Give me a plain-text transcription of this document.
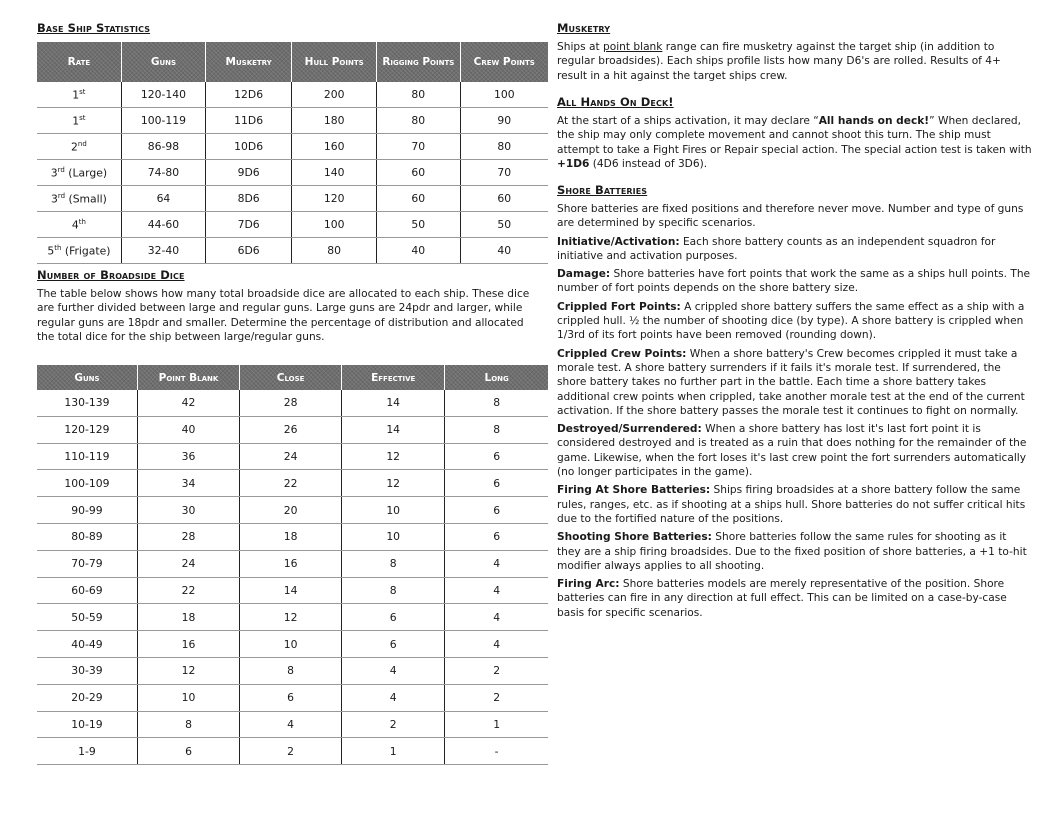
Base Ship Statistics
Rate	Guns	Musketry	Hull Points	Rigging Points	Crew Points
1st	120-140	12D6	200	80	100
1st	100-119	11D6	180	80	90
2nd	86-98	10D6	160	70	80
3rd (Large)	74-80	9D6	140	60	70
3rd (Small)	64	8D6	120	60	60
4th	44-60	7D6	100	50	50
5th (Frigate)	32-40	6D6	80	40	40
Number of Broadside Dice

The table below shows how many total broadside dice are allocated to each ship. These dice are further divided between large and regular guns. Large guns are 24pdr and larger, while regular guns are 18pdr and smaller. Determine the percentage of distribution and allocated the total dice for the ship between large/regular guns.

Guns	Point Blank	Close	Effective	Long
130-139	42	28	14	8
120-129	40	26	14	8
110-119	36	24	12	6
100-109	34	22	12	6
90-99	30	20	10	6
80-89	28	18	10	6
70-79	24	16	8	4
60-69	22	14	8	4
50-59	18	12	6	4
40-49	16	10	6	4
30-39	12	8	4	2
20-29	10	6	4	2
10-19	8	4	2	1
1-9	6	2	1	-
Musketry

Ships at point blank range can fire musketry against the target ship (in addition to regular broadsides). Each ships profile lists how many D6's are rolled. Results of 4+ result in a hit against the target ships crew.

All Hands On Deck!

At the start of a ships activation, it may declare “All hands on deck!” When declared, the ship may only complete movement and cannot shoot this turn. The ship must attempt to take a Fight Fires or Repair special action. The special action test is taken with +1D6 (4D6 instead of 3D6).

Shore Batteries

Shore batteries are fixed positions and therefore never move. Number and type of guns are determined by specific scenarios.

Initiative/Activation: Each shore battery counts as an independent squadron for initiative and activation purposes.

Damage: Shore batteries have fort points that work the same as a ships hull points. The number of fort points depends on the shore battery size.

Crippled Fort Points: A crippled shore battery suffers the same effect as a ship with a crippled hull. ½ the number of shooting dice (by type). A shore battery is crippled when 1/3rd of its fort points have been removed (rounding down).

Crippled Crew Points: When a shore battery's Crew becomes crippled it must take a morale test. A shore battery surrenders if it fails it's morale test. If surrendered, the shore battery takes no further part in the battle. Each time a shore battery takes additional crew points when crippled, take another morale test at the end of the current activation. If the shore battery passes the morale test it continues to fight on normally.

Destroyed/Surrendered: When a shore battery has lost it's last fort point it is considered destroyed and is treated as a ruin that does nothing for the remainder of the game. Likewise, when the fort loses it's last crew point the fort surrenders automatically (no longer participates in the game).

Firing At Shore Batteries: Ships firing broadsides at a shore battery follow the same rules, ranges, etc. as if shooting at a ships hull. Shore batteries do not suffer critical hits due to the fortified nature of the positions.

Shooting Shore Batteries: Shore batteries follow the same rules for shooting as it they are a ship firing broadsides. Due to the fixed position of shore batteries, a +1 to-hit modifier always applies to all shooting.

Firing Arc: Shore batteries models are merely representative of the position. Shore batteries can fire in any direction at full effect. This can be limited on a case-by-case basis for specific scenarios.
